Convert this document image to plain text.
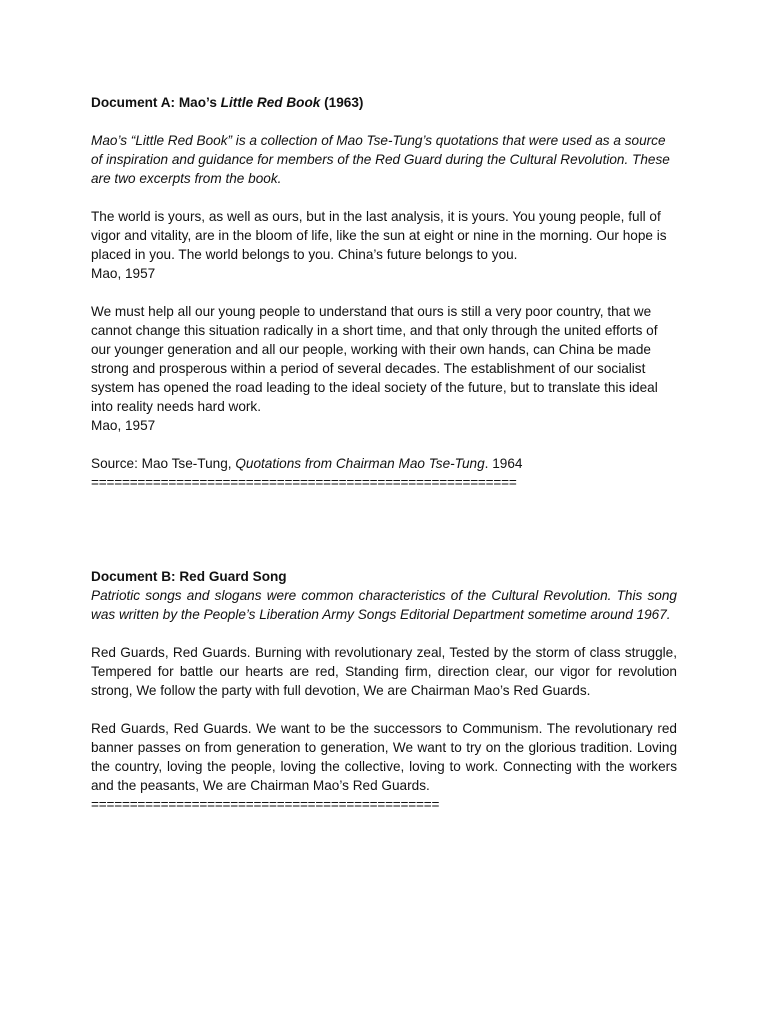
Document A: Mao’s Little Red Book (1963)

Mao’s “Little Red Book” is a collection of Mao Tse-Tung’s quotations that were used as a source of inspiration and guidance for members of the Red Guard during the Cultural Revolution. These are two excerpts from the book.

The world is yours, as well as ours, but in the last analysis, it is yours. You young people, full of vigor and vitality, are in the bloom of life, like the sun at eight or nine in the morning. Our hope is placed in you. The world belongs to you. China’s future belongs to you.

Mao, 1957

We must help all our young people to understand that ours is still a very poor country, that we cannot change this situation radically in a short time, and that only through the united efforts of our younger generation and all our people, working with their own hands, can China be made strong and prosperous within a period of several decades. The establishment of our socialist system has opened the road leading to the ideal society of the future, but to translate this ideal into reality needs hard work.

Mao, 1957

Source: Mao Tse-Tung, Quotations from Chairman Mao Tse-Tung. 1964

=======================================================

Document B: Red Guard Song

Patriotic songs and slogans were common characteristics of the Cultural Revolution. This song was written by the People’s Liberation Army Songs Editorial Department sometime around 1967.

Red Guards, Red Guards. Burning with revolutionary zeal, Tested by the storm of class struggle, Tempered for battle our hearts are red, Standing firm, direction clear, our vigor for revolution strong, We follow the party with full devotion, We are Chairman Mao’s Red Guards.

Red Guards, Red Guards. We want to be the successors to Communism. The revolutionary red banner passes on from generation to generation, We want to try on the glorious tradition. Loving the country, loving the people, loving the collective, loving to work. Connecting with the workers and the peasants, We are Chairman Mao’s Red Guards.

=============================================
